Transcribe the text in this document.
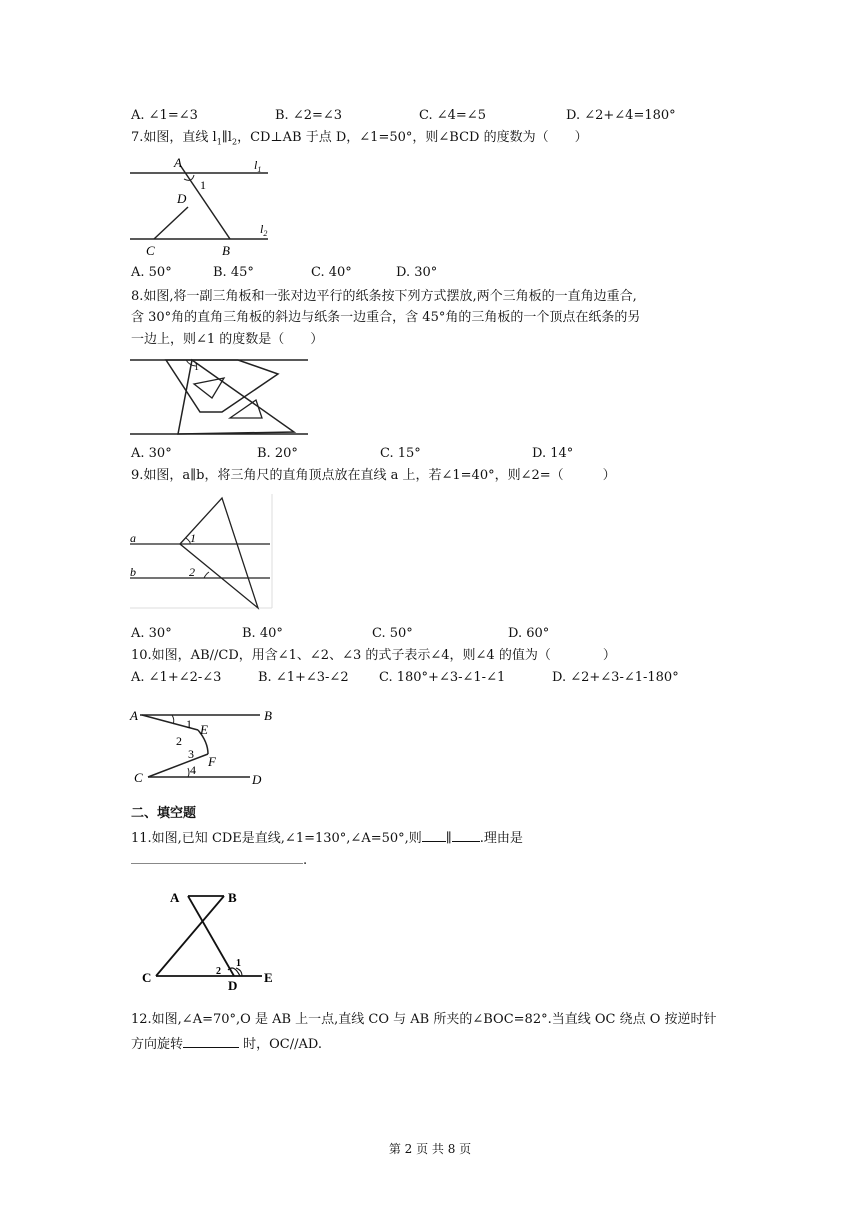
A. ∠1=∠3	B. ∠2=∠3	C. ∠4=∠5	D. ∠2+∠4=180°
7.如图，直线 $l_1\parallel l_2$，CD⊥AB 于点 D，∠1=50°，则∠BCD 的度数为（　　）
A
D
1
C	B
$l_1$
$l_2$
A. 50°	B. 45°	C. 40°	D. 30°
8.如图,将一副三角板和一张对边平行的纸条按下列方式摆放,两个三角板的一直角边重合,
含 30°角的直角三角板的斜边与纸条一边重合，含 45°角的三角板的一个顶点在纸条的另
一边上，则∠1 的度数是（　　）
1
A. 30°	B. 20°	C. 15°	D. 14°
9.如图，a∥b，将三角尺的直角顶点放在直线 a 上，若∠1=40°，则∠2=（　　　）
a
b
1
2
A. 30°	B. 40°	C. 50°	D. 60°
10.如图，AB//CD，用含∠1、∠2、∠3 的式子表示∠4，则∠4 的值为（　　　　）
A. ∠1+∠2-∠3	B. ∠1+∠3-∠2 C. 180°+∠3-∠1-∠1	D. ∠2+∠3-∠1-180°
A	B
E
1
2
3 F
4
C	D
二、填空题
11.如图,已知 CDE是直线,∠1=130°,∠A=50°,则 ∥ .理由是
.
A	B
C
D
E
2
1
12.如图,∠A=70°,O 是 AB 上一点,直线 CO 与 AB 所夹的∠BOC=82°.当直线 OC 绕点 O 按逆时针
方向旋转	时，OC//AD.
第 2 页 共 8 页
